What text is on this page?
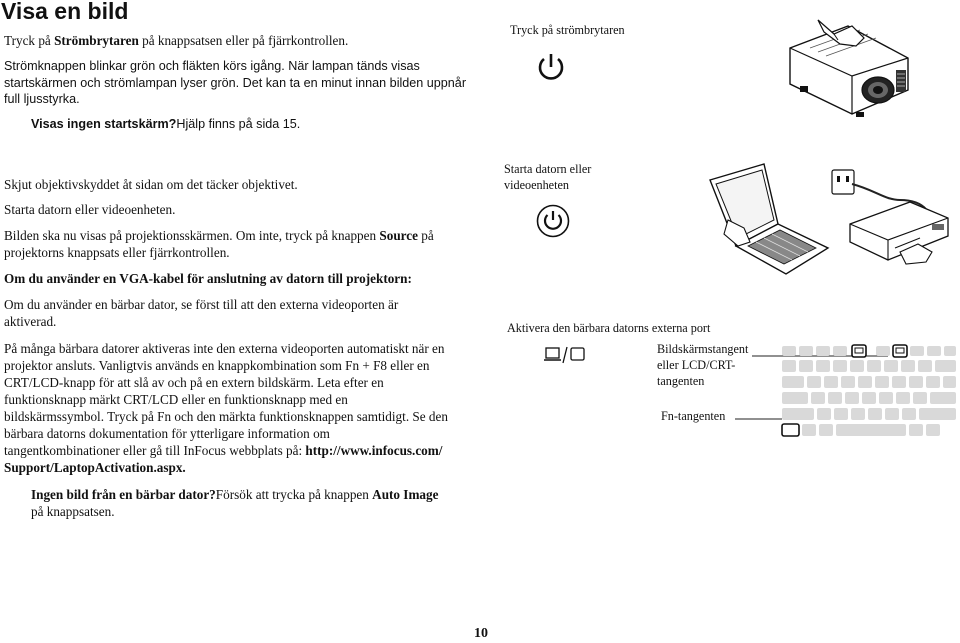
Visa en bild
Tryck på Strömbrytaren på knappsatsen eller på fjärrkontrollen.
Strömknappen blinkar grön och fläkten körs igång. När lampan tänds visas
startskärmen och strömlampan lyser grön. Det kan ta en minut innan bilden uppnår
full ljusstyrka.
Visas ingen startskärm?Hjälp finns på sida 15.
Tryck på strömbrytaren
Skjut objektivskyddet åt sidan om det täcker objektivet.
Starta datorn eller videoenheten.
Bilden ska nu visas på projektionsskärmen. Om inte, tryck på knappen Source på
projektorns knappsats eller fjärrkontrollen.
Starta datorn eller
videoenheten
Om du använder en VGA-kabel för anslutning av datorn till projektorn:
Om du använder en bärbar dator, se först till att den externa videoporten är
aktiverad.
På många bärbara datorer aktiveras inte den externa videoporten automatiskt när en
projektor ansluts. Vanligtvis används en knappkombination som Fn + F8 eller en
CRT/LCD-knapp för att slå av och på en extern bildskärm. Leta efter en
funktionsknapp märkt CRT/LCD eller en funktionsknapp med en
bildskärmssymbol. Tryck på Fn och den märkta funktionsknappen samtidigt. Se den
bärbara datorns dokumentation för ytterligare information om
tangentkombinationer eller gå till InFocus webbplats på: http://www.infocus.com/
Support/LaptopActivation.aspx.
Ingen bild från en bärbar dator?Försök att trycka på knappen Auto Image
på knappsatsen.
Aktivera den bärbara datorns externa port
Bildskärmstangent
eller LCD/CRT-
tangenten
Fn-tangenten
10
